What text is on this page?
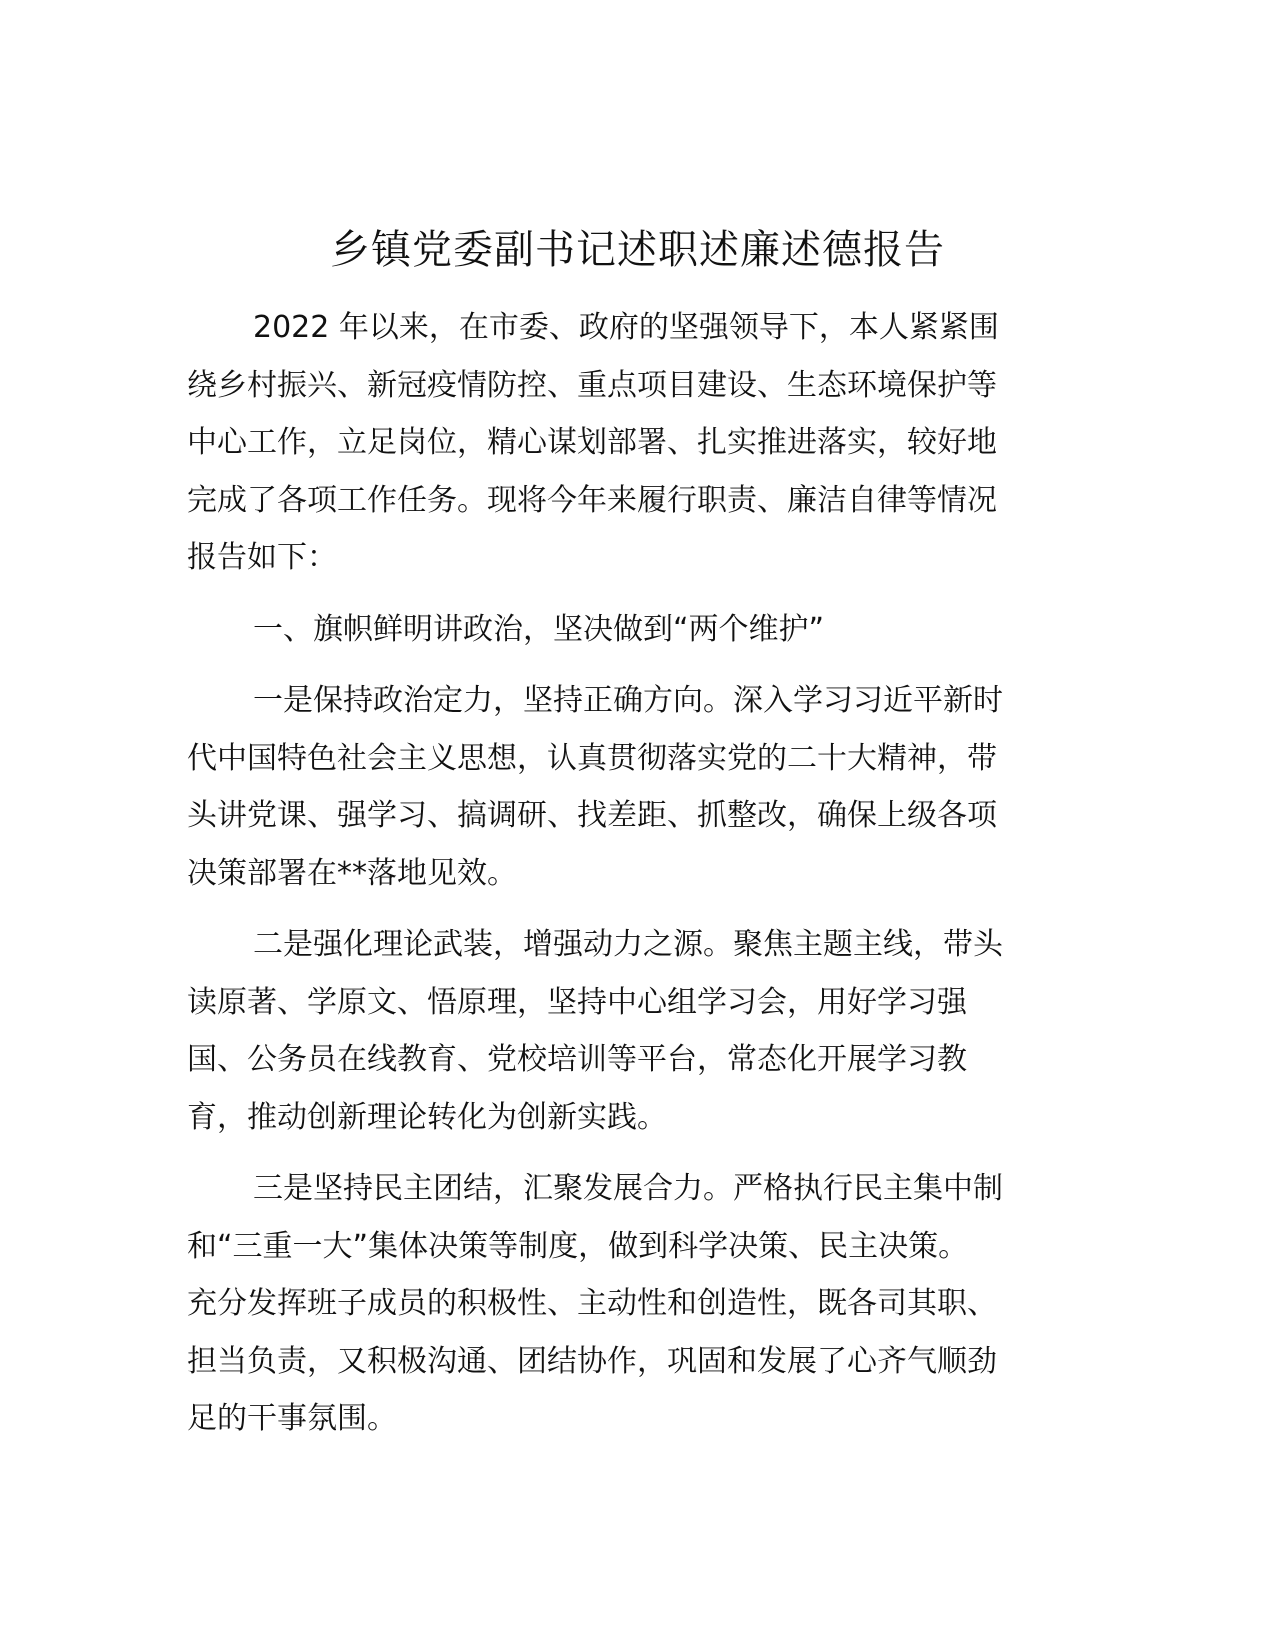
乡镇党委副书记述职述廉述德报告
2022 年以来，在市委、政府的坚强领导下，本人紧紧围
绕乡村振兴、新冠疫情防控、重点项目建设、生态环境保护等
中心工作，立足岗位，精心谋划部署、扎实推进落实，较好地
完成了各项工作任务。现将今年来履行职责、廉洁自律等情况
报告如下：
一、旗帜鲜明讲政治，坚决做到“两个维护”
一是保持政治定力，坚持正确方向。深入学习习近平新时
代中国特色社会主义思想，认真贯彻落实党的二十大精神，带
头讲党课、强学习、搞调研、找差距、抓整改，确保上级各项
决策部署在**落地见效。
二是强化理论武装，增强动力之源。聚焦主题主线，带头
读原著、学原文、悟原理，坚持中心组学习会，用好学习强
国、公务员在线教育、党校培训等平台，常态化开展学习教
育，推动创新理论转化为创新实践。
三是坚持民主团结，汇聚发展合力。严格执行民主集中制
和“三重一大”集体决策等制度，做到科学决策、民主决策。
充分发挥班子成员的积极性、主动性和创造性，既各司其职、
担当负责，又积极沟通、团结协作，巩固和发展了心齐气顺劲
足的干事氛围。
